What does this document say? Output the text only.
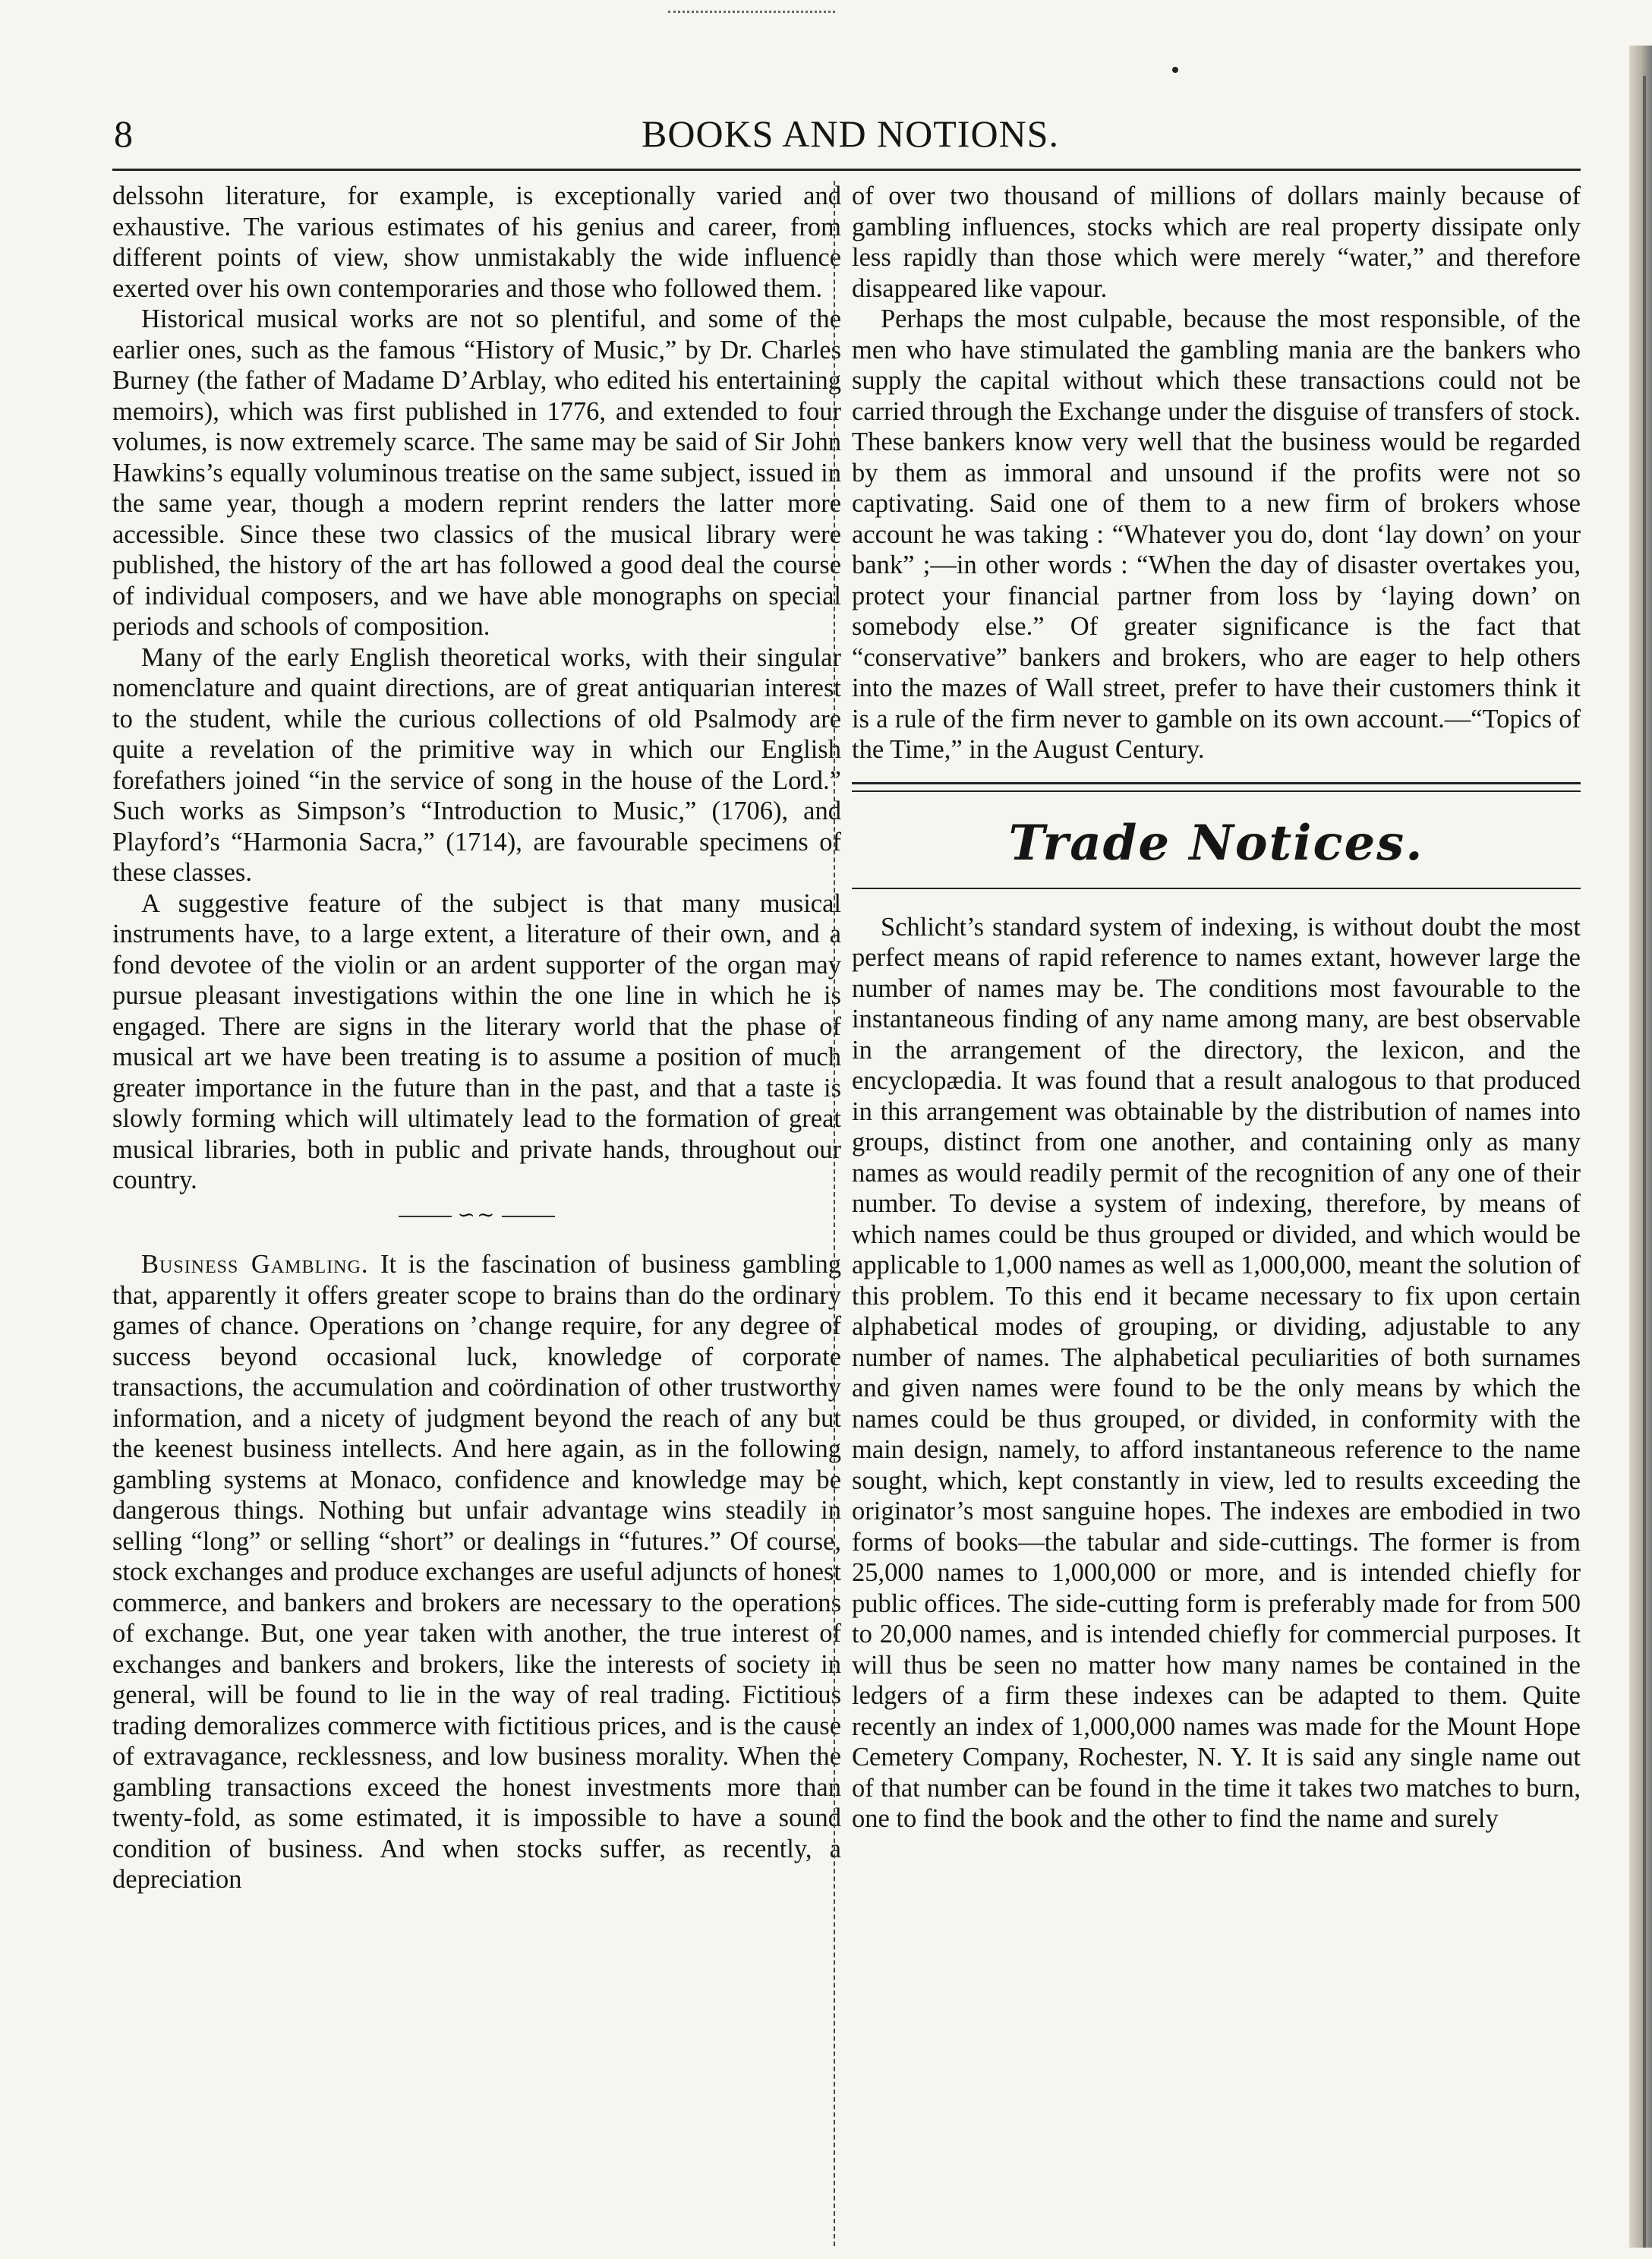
8	BOOKS AND NOTIONS.

delssohn literature, for example, is exceptionally varied and exhaustive. The various estimates of his genius and career, from different points of view, show unmistakably the wide influence exerted over his own contemporaries and those who followed them.

Historical musical works are not so plentiful, and some of the earlier ones, such as the famous “History of Music,” by Dr. Charles Burney (the father of Madame D’Arblay, who edited his entertaining memoirs), which was first published in 1776, and extended to four volumes, is now extremely scarce. The same may be said of Sir John Hawkins’s equally voluminous treatise on the same subject, issued in the same year, though a modern reprint renders the latter more accessible. Since these two classics of the musical library were published, the history of the art has followed a good deal the course of individual composers, and we have able monographs on special periods and schools of composition.

Many of the early English theoretical works, with their singular nomenclature and quaint directions, are of great antiquarian interest to the student, while the curious collections of old Psalmody are quite a revelation of the primitive way in which our English forefathers joined “in the service of song in the house of the Lord.” Such works as Simpson’s “Introduction to Music,” (1706), and Playford’s “Harmonia Sacra,” (1714), are favourable specimens of these classes.

A suggestive feature of the subject is that many musical instruments have, to a large extent, a literature of their own, and a fond devotee of the violin or an ardent supporter of the organ may pursue pleasant investigations within the one line in which he is engaged. There are signs in the literary world that the phase of musical art we have been treating is to assume a position of much greater importance in the future than in the past, and that a taste is slowly forming which will ultimately lead to the formation of great musical libraries, both in public and private hands, throughout our country.

∽∼

Business Gambling. It is the fascination of business gambling that, apparently it offers greater scope to brains than do the ordinary games of chance. Operations on ’change require, for any degree of success beyond occasional luck, knowledge of corporate transactions, the accumulation and coördination of other trustworthy information, and a nicety of judgment beyond the reach of any but the keenest business intellects. And here again, as in the following gambling systems at Monaco, confidence and knowledge may be dangerous things. Nothing but unfair advantage wins steadily in selling “long” or selling “short” or dealings in “futures.” Of course, stock exchanges and produce exchanges are useful adjuncts of honest commerce, and bankers and brokers are necessary to the operations of exchange. But, one year taken with another, the true interest of exchanges and bankers and brokers, like the interests of society in general, will be found to lie in the way of real trading. Fictitious trading demoralizes commerce with fictitious prices, and is the cause of extravagance, recklessness, and low business morality. When the gambling transactions exceed the honest investments more than twenty-fold, as some estimated, it is impossible to have a sound condition of business. And when stocks suffer, as recently, a depreciation

of over two thousand of millions of dollars mainly because of gambling influences, stocks which are real property dissipate only less rapidly than those which were merely “water,” and therefore disappeared like vapour.

Perhaps the most culpable, because the most responsible, of the men who have stimulated the gambling mania are the bankers who supply the capital without which these transactions could not be carried through the Exchange under the disguise of transfers of stock. These bankers know very well that the business would be regarded by them as immoral and unsound if the profits were not so captivating. Said one of them to a new firm of brokers whose account he was taking : “Whatever you do, dont ‘lay down’ on your bank” ;—in other words : “When the day of disaster overtakes you, protect your financial partner from loss by ‘laying down’ on somebody else.” Of greater significance is the fact that “conservative” bankers and brokers, who are eager to help others into the mazes of Wall street, prefer to have their customers think it is a rule of the firm never to gamble on its own account.—“Topics of the Time,” in the August Century.

Trade Notices.

Schlicht’s standard system of indexing, is without doubt the most perfect means of rapid reference to names extant, however large the number of names may be. The conditions most favourable to the instantaneous finding of any name among many, are best observable in the arrangement of the directory, the lexicon, and the encyclopædia. It was found that a result analogous to that produced in this arrangement was obtainable by the distribution of names into groups, distinct from one another, and containing only as many names as would readily permit of the recognition of any one of their number. To devise a system of indexing, therefore, by means of which names could be thus grouped or divided, and which would be applicable to 1,000 names as well as 1,000,000, meant the solution of this problem. To this end it became necessary to fix upon certain alphabetical modes of grouping, or dividing, adjustable to any number of names. The alphabetical peculiarities of both surnames and given names were found to be the only means by which the names could be thus grouped, or divided, in conformity with the main design, namely, to afford instantaneous reference to the name sought, which, kept constantly in view, led to results exceeding the originator’s most sanguine hopes. The indexes are embodied in two forms of books—the tabular and side-cuttings. The former is from 25,000 names to 1,000,000 or more, and is intended chiefly for public offices. The side-cutting form is preferably made for from 500 to 20,000 names, and is intended chiefly for commercial purposes. It will thus be seen no matter how many names be contained in the ledgers of a firm these indexes can be adapted to them. Quite recently an index of 1,000,000 names was made for the Mount Hope Cemetery Company, Rochester, N. Y. It is said any single name out of that number can be found in the time it takes two matches to burn, one to find the book and the other to find the name and surely
